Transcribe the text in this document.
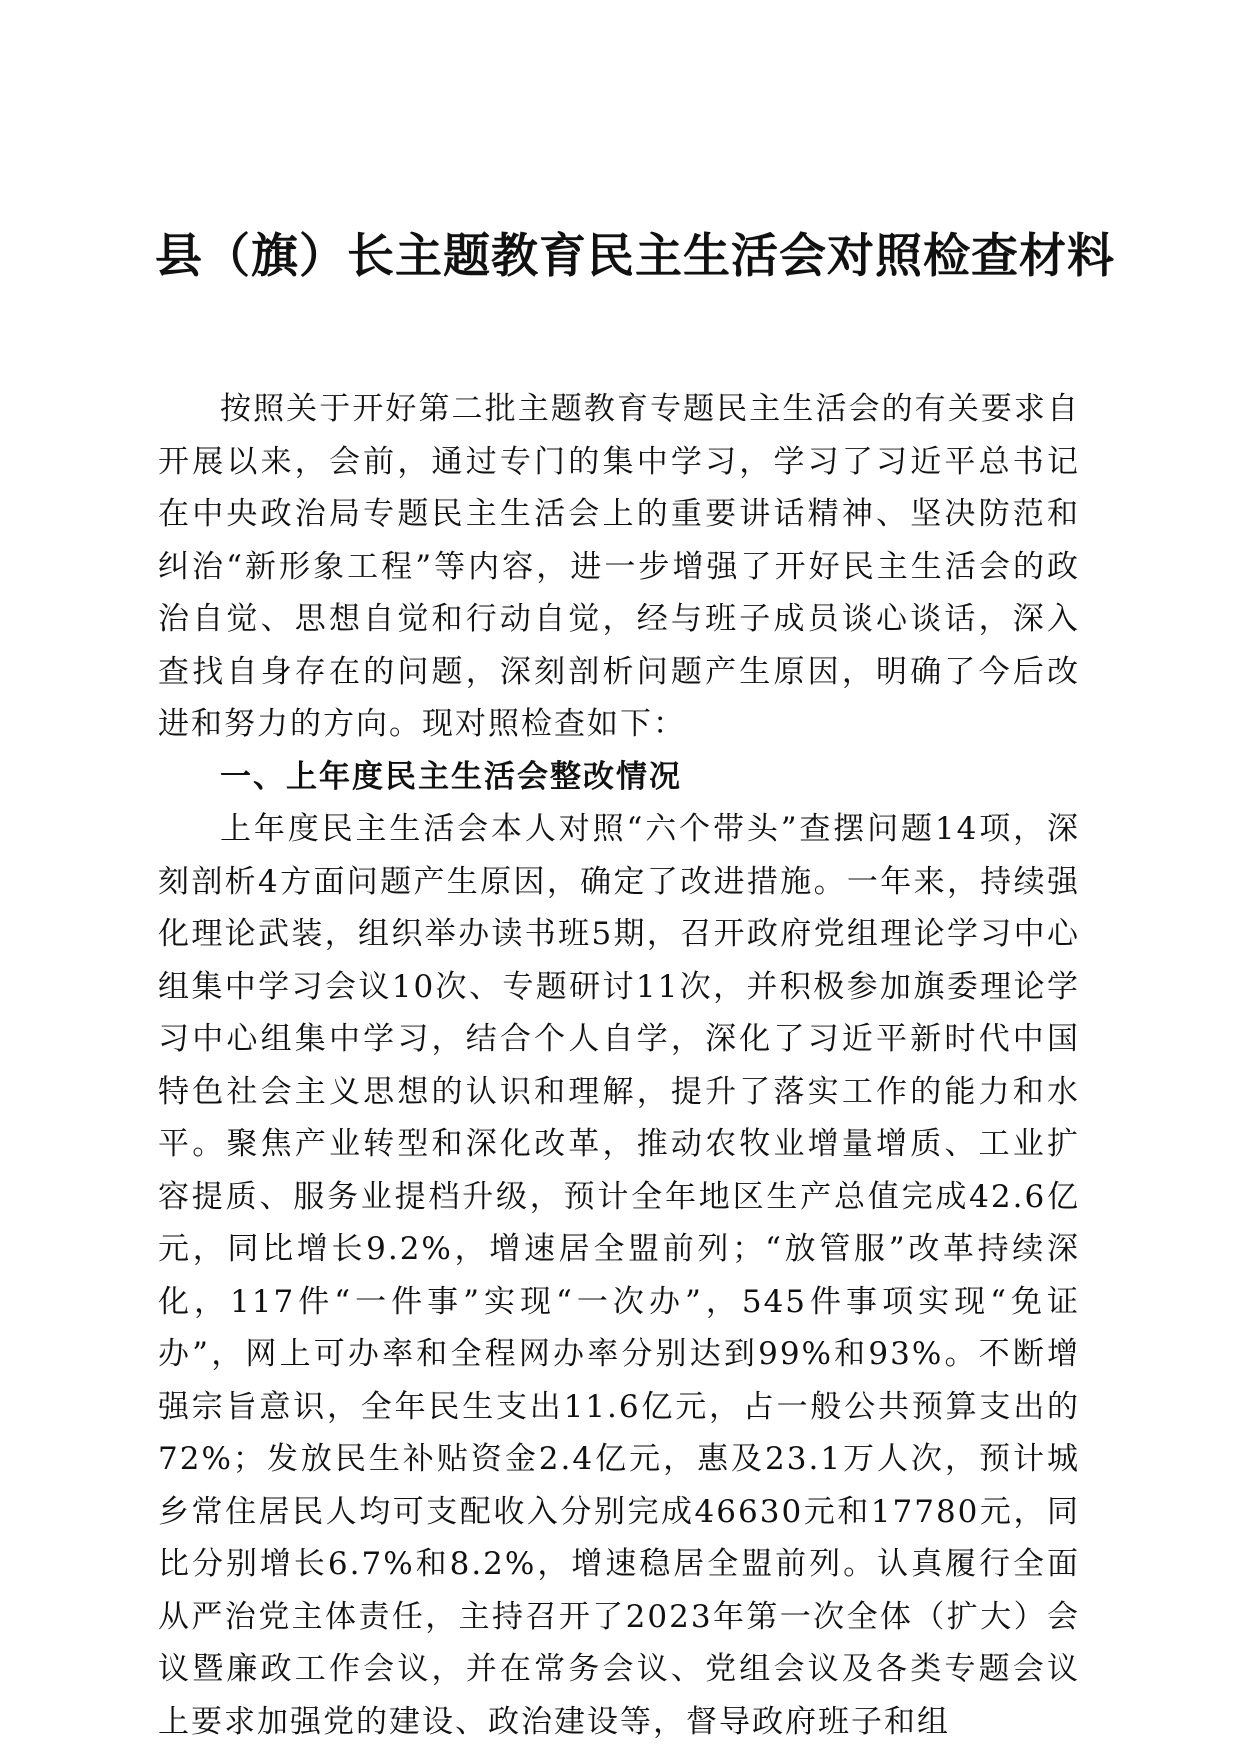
县（旗）长主题教育民主生活会对照检查材料

按照关于开好第二批主题教育专题民主生活会的有关要求自开展以来，会前，通过专门的集中学习，学习了习近平总书记在中央政治局专题民主生活会上的重要讲话精神、坚决防范和纠治“新形象工程”等内容，进一步增强了开好民主生活会的政治自觉、思想自觉和行动自觉，经与班子成员谈心谈话，深入查找自身存在的问题，深刻剖析问题产生原因，明确了今后改进和努力的方向。现对照检查如下：

一、上年度民主生活会整改情况

上年度民主生活会本人对照“六个带头”查摆问题14项，深刻剖析4方面问题产生原因，确定了改进措施。一年来，持续强化理论武装，组织举办读书班5期，召开政府党组理论学习中心组集中学习会议10次、专题研讨11次，并积极参加旗委理论学习中心组集中学习，结合个人自学，深化了习近平新时代中国特色社会主义思想的认识和理解，提升了落实工作的能力和水平。聚焦产业转型和深化改革，推动农牧业增量增质、工业扩容提质、服务业提档升级，预计全年地区生产总值完成42.6亿元，同比增长9.2%，增速居全盟前列；“放管服”改革持续深化，117件“一件事”实现“一次办”，545件事项实现“免证办”，网上可办率和全程网办率分别达到99%和93%。不断增强宗旨意识，全年民生支出11.6亿元，占一般公共预算支出的72%；发放民生补贴资金2.4亿元，惠及23.1万人次，预计城乡常住居民人均可支配收入分别完成46630元和17780元，同比分别增长6.7%和8.2%，增速稳居全盟前列。认真履行全面从严治党主体责任，主持召开了2023年第一次全体（扩大）会议暨廉政工作会议，并在常务会议、党组会议及各类专题会议上要求加强党的建设、政治建设等，督导政府班子和组
